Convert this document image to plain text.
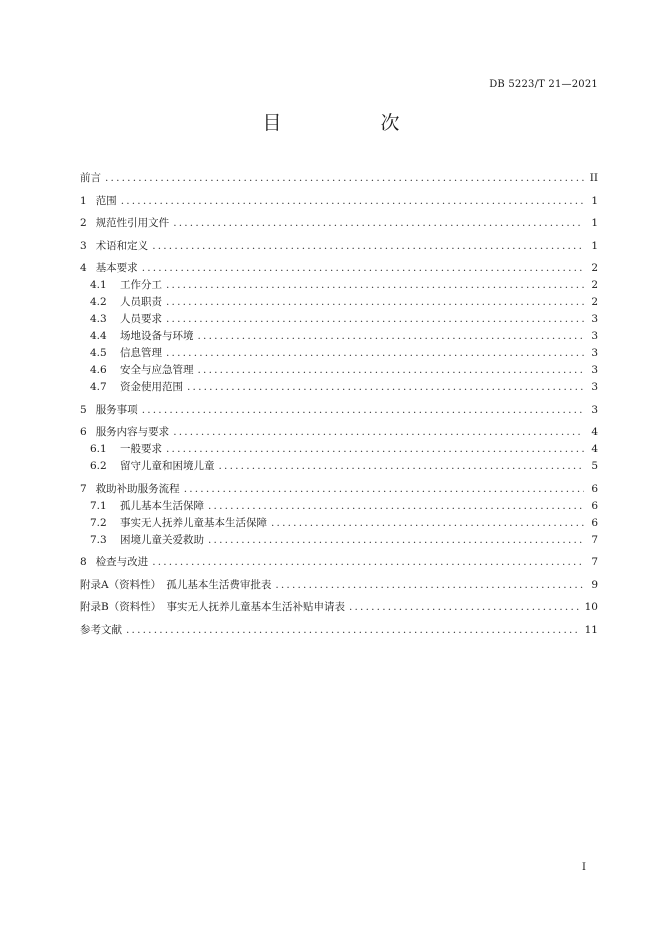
DB 5223/T 21—2021
目　次
前言 .....	II
1 范围 .....	1
2 规范性引用文件 .....	1
3 术语和定义 .....	1
4 基本要求 .....	2
4.1	工作分工 .....	2
4.2	人员职责 .....	2
4.3	人员要求 .....	3
4.4	场地设备与环境 .....	3
4.5	信息管理 .....	3
4.6	安全与应急管理 .....	3
4.7	资金使用范围 .....	3
5 服务事项 .....	3
6 服务内容与要求 .....	4
6.1	一般要求 .....	4
6.2	留守儿童和困境儿童 .....	5
7 救助补助服务流程 .....	6
7.1	孤儿基本生活保障 .....	6
7.2	事实无人抚养儿童基本生活保障 .....	6
7.3	困境儿童关爱救助 .....	7
8 检查与改进 .....	7
附录A（资料性）　孤儿基本生活费审批表 .....	9
附录B（资料性）　事实无人抚养儿童基本生活补贴申请表 .....	10
参考文献 .....	11
I
